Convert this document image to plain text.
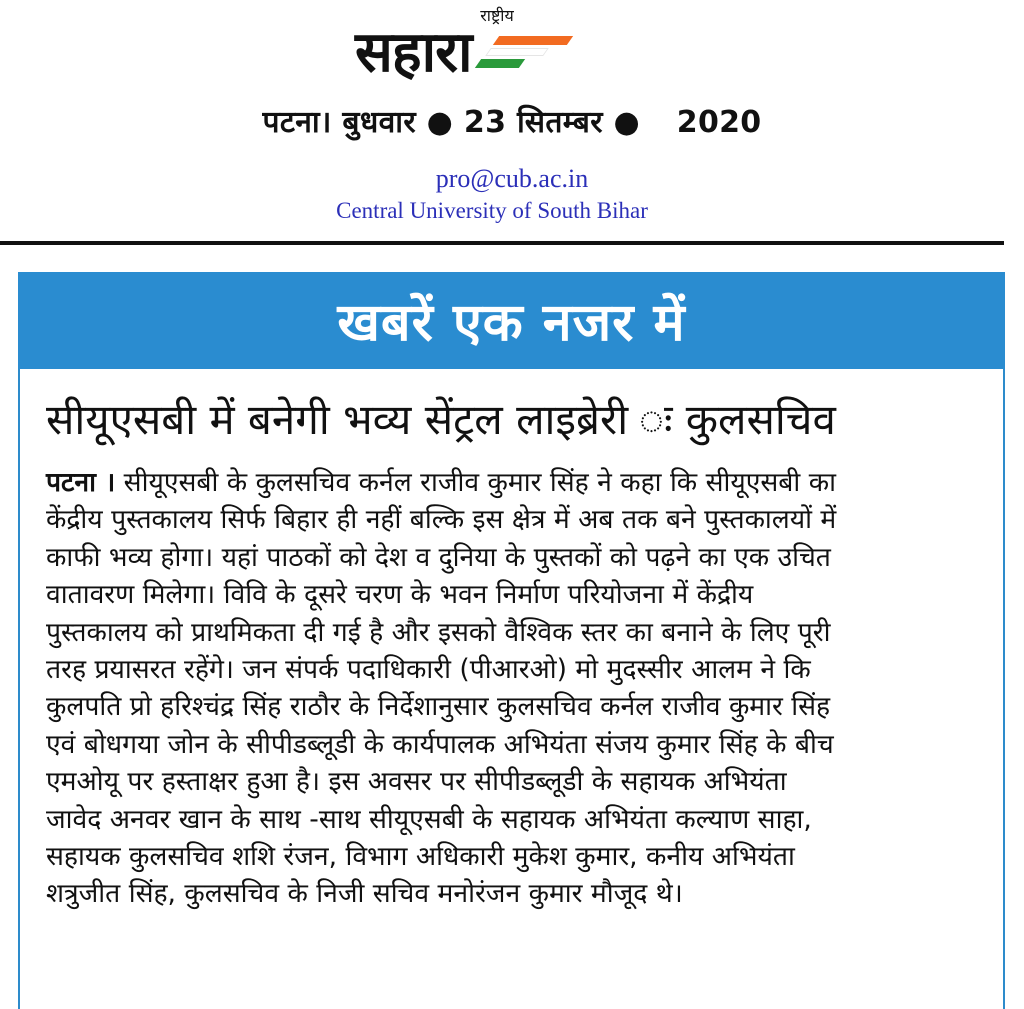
राष्ट्रीय
सहारा
पटना। बुधवार ● 23 सितम्बर ● 2020
pro@cub.ac.in
Central University of South Bihar
खबरें एक नजर में
सीयूएसबी में बनेगी भव्य सेंट्रल लाइब्रेरी ः कुलसचिव
पटना । सीयूएसबी के कुलसचिव कर्नल राजीव कुमार सिंह ने कहा कि सीयूएसबी का
केंद्रीय पुस्तकालय सिर्फ बिहार ही नहीं बल्कि इस क्षेत्र में अब तक बने पुस्तकालयों में
काफी भव्य होगा। यहां पाठकों को देश व दुनिया के पुस्तकों को पढ़ने का एक उचित
वातावरण मिलेगा। विवि के दूसरे चरण के भवन निर्माण परियोजना में केंद्रीय
पुस्तकालय को प्राथमिकता दी गई है और इसको वैश्विक स्तर का बनाने के लिए पूरी
तरह प्रयासरत रहेंगे। जन संपर्क पदाधिकारी (पीआरओ) मो मुदस्सीर आलम ने कि
कुलपति प्रो हरिश्चंद्र सिंह राठौर के निर्देशानुसार कुलसचिव कर्नल राजीव कुमार सिंह
एवं बोधगया जोन के सीपीडब्लूडी के कार्यपालक अभियंता संजय कुमार सिंह के बीच
एमओयू पर हस्ताक्षर हुआ है। इस अवसर पर सीपीडब्लूडी के सहायक अभियंता
जावेद अनवर खान के साथ -साथ सीयूएसबी के सहायक अभियंता कल्याण साहा,
सहायक कुलसचिव शशि रंजन, विभाग अधिकारी मुकेश कुमार, कनीय अभियंता
शत्रुजीत सिंह, कुलसचिव के निजी सचिव मनोरंजन कुमार मौजूद थे।
